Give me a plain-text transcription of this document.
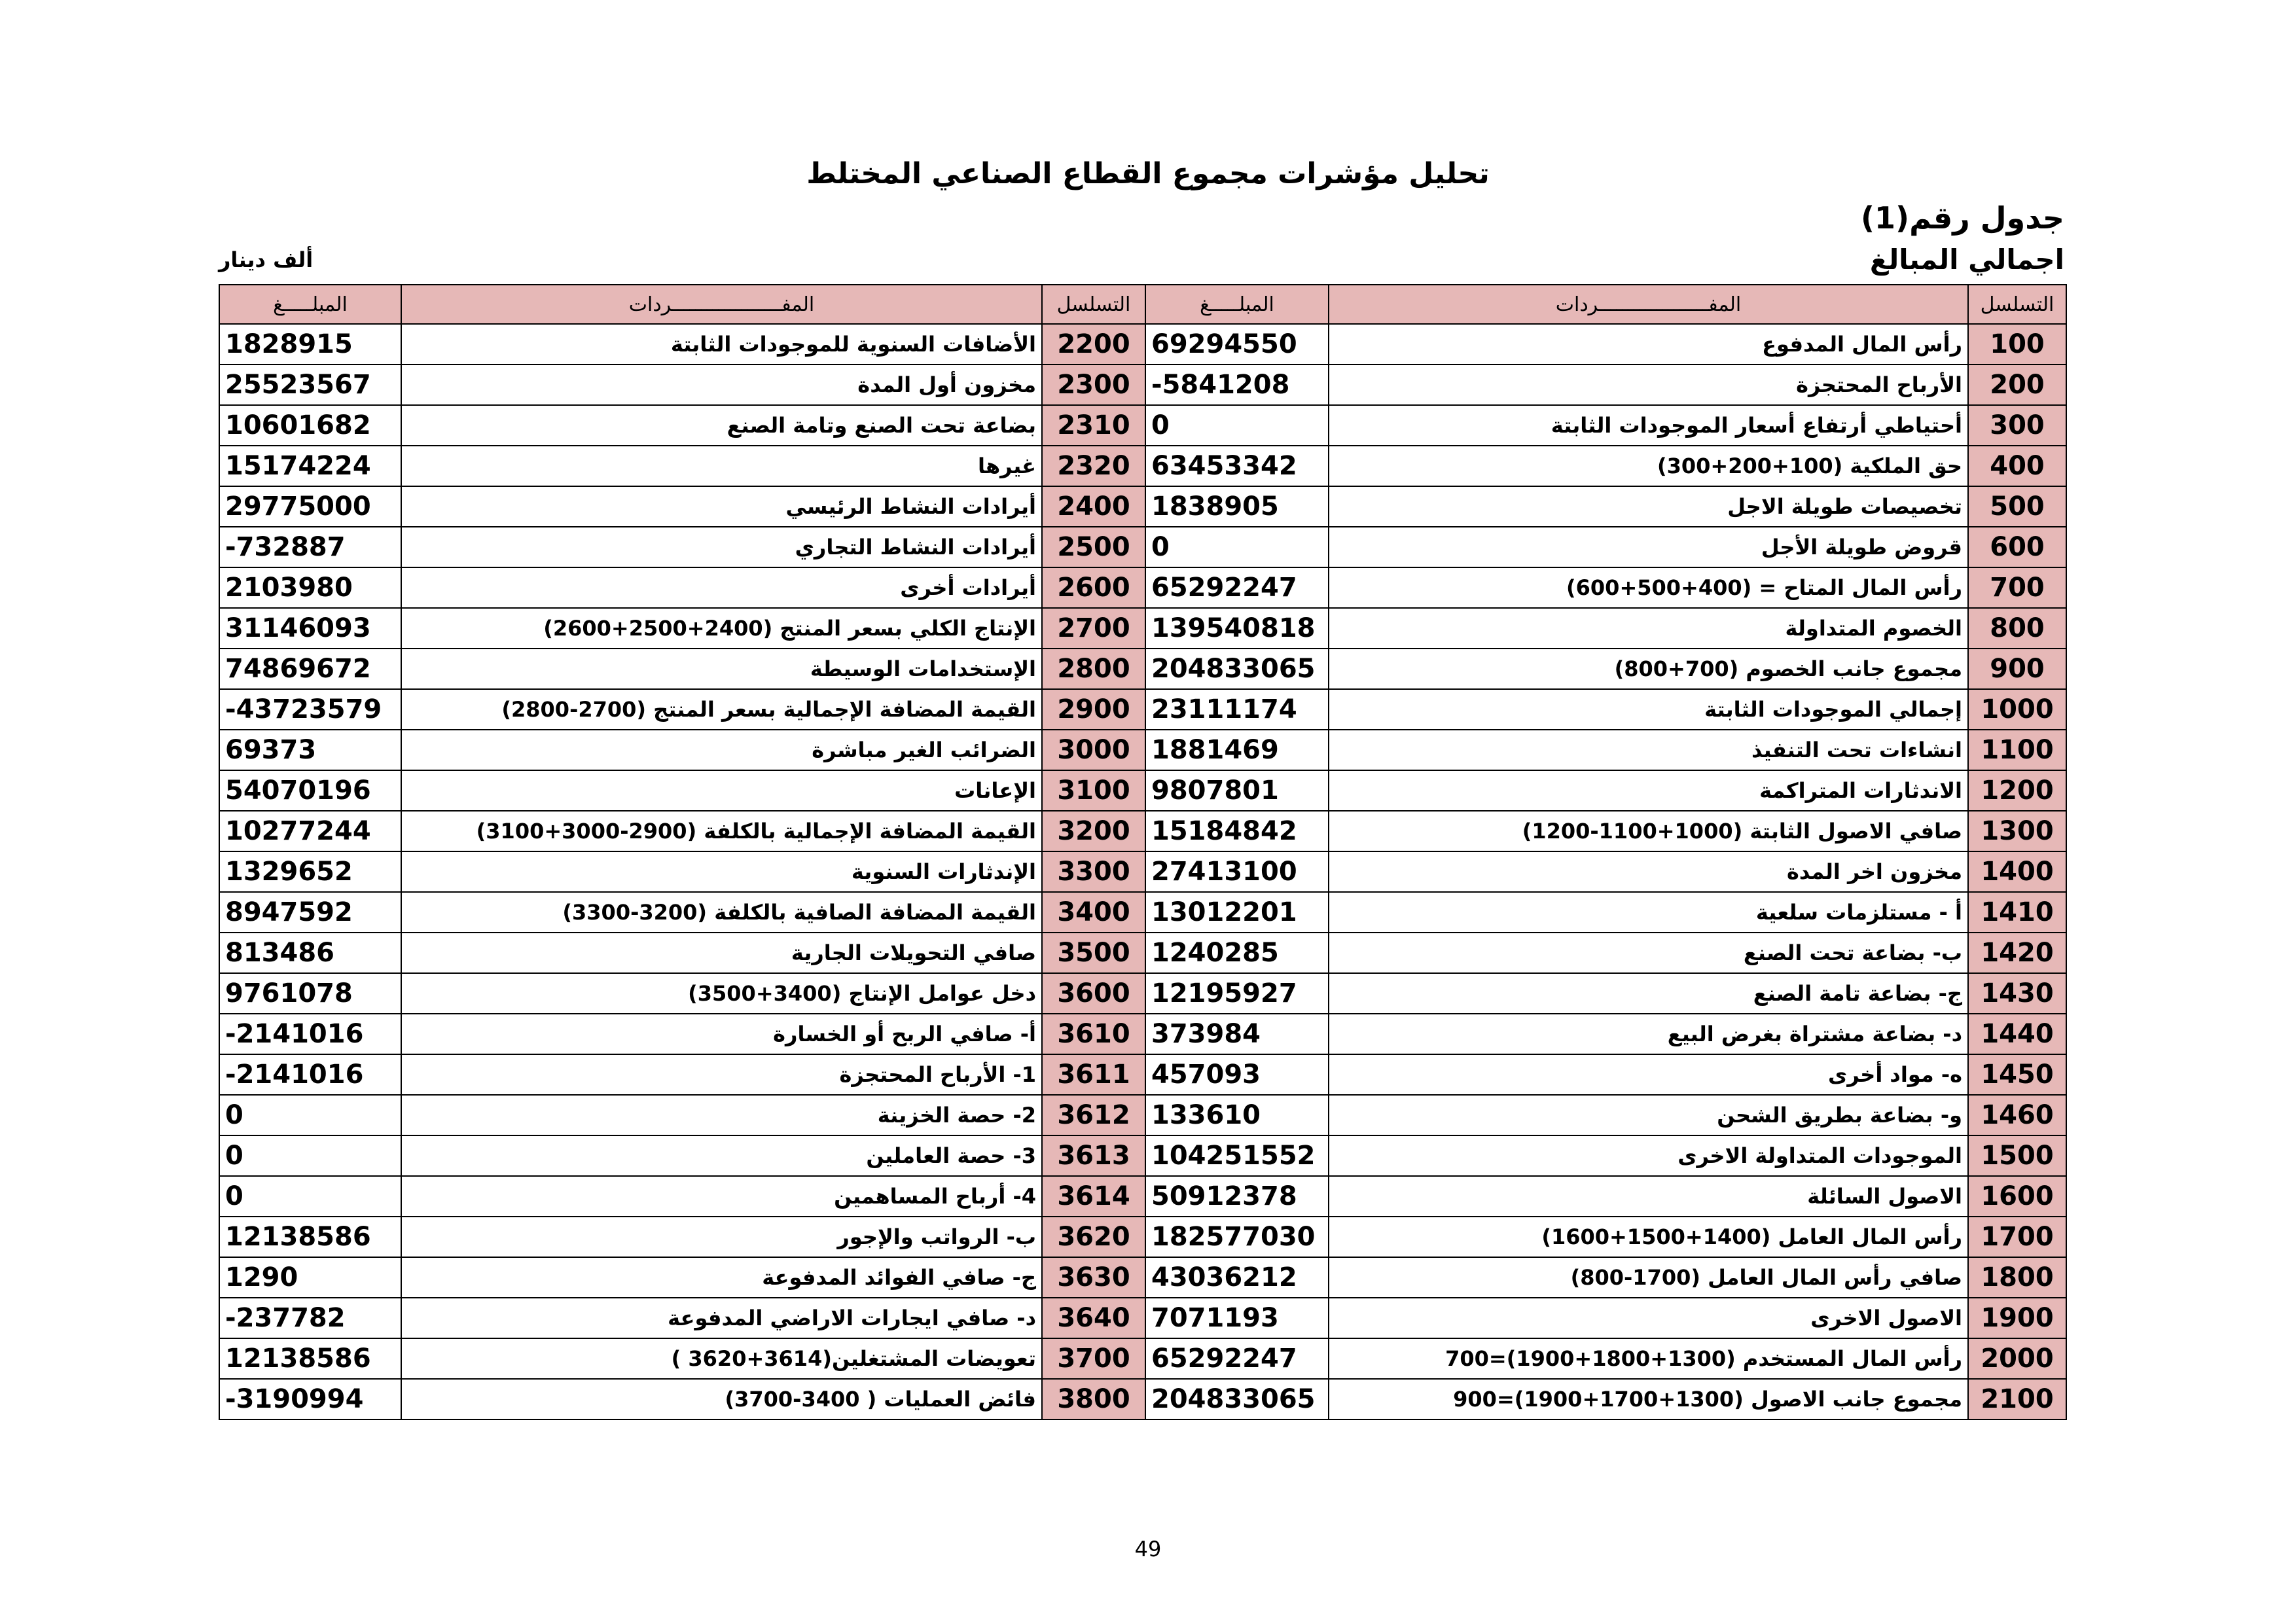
تحليل مؤشرات مجموع القطاع الصناعي المختلط
جدول رقم(1)
اجمالي المبالغ
ألف دينار
التسلسل	المفـــــــــــــــــــردات	المبلـــــغ	التسلسل	المفـــــــــــــــــــردات	المبلـــــغ
100	رأس المال المدفوع	69294550	2200	الأضافات السنوية للموجودات الثابتة	1828915
200	الأرباح المحتجزة	-5841208	2300	مخزون أول المدة	25523567
300	أحتياطي أرتفاع أسعار الموجودات الثابتة	0	2310	بضاعة تحت الصنع وتامة الصنع	10601682
400	حق الملكية (100+200+300)	63453342	2320	غيرها	15174224
500	تخصيصات طويلة الاجل	1838905	2400	أيرادات النشاط الرئيسي	29775000
600	قروض طويلة الأجل	0	2500	أيرادات النشاط التجاري	-732887
700	رأس المال المتاح = (400+500+600)	65292247	2600	أيرادات أخرى	2103980
800	الخصوم المتداولة	139540818	2700	الإنتاج الكلي بسعر المنتج (2400+2500+2600)	31146093
900	مجموع جانب الخصوم (700+800)	204833065	2800	الإستخدامات الوسيطة	74869672
1000	إجمالي الموجودات الثابتة	23111174	2900	القيمة المضافة الإجمالية بسعر المنتج (2700-2800)	-43723579
1100	انشاءات تحت التنفيذ	1881469	3000	الضرائب الغير مباشرة	69373
1200	الاندثارات المتراكمة	9807801	3100	الإعانات	54070196
1300	صافي الاصول الثابتة (1000+1100-1200)	15184842	3200	القيمة المضافة الإجمالية بالكلفة (2900-3000+3100)	10277244
1400	مخزون اخر المدة	27413100	3300	الإندثارات السنوية	1329652
1410	أ - مستلزمات سلعية	13012201	3400	القيمة المضافة الصافية بالكلفة (3200-3300)	8947592
1420	ب- بضاعة تحت الصنع	1240285	3500	صافي التحويلات الجارية	813486
1430	ج- بضاعة تامة الصنع	12195927	3600	دخل عوامل الإنتاج (3400+3500)	9761078
1440	د- بضاعة مشتراة بغرض البيع	373984	3610	أ- صافي الربح أو الخسارة	-2141016
1450	ه- مواد أخرى	457093	3611	1- الأرباح المحتجزة	-2141016
1460	و- بضاعة بطريق الشحن	133610	3612	2- حصة الخزينة	0
1500	الموجودات المتداولة الاخرى	104251552	3613	3- حصة العاملين	0
1600	الاصول السائلة	50912378	3614	4- أرباح المساهمين	0
1700	رأس المال العامل (1400+1500+1600)	182577030	3620	ب- الرواتب والإجور	12138586
1800	صافي رأس المال العامل (1700-800)	43036212	3630	ج- صافي الفوائد المدفوعة	1290
1900	الاصول الاخرى	7071193	3640	د- صافي ايجارات الاراضي المدفوعة	-237782
2000	رأس المال المستخدم (1300+1800+1900)=700	65292247	3700	تعويضات المشتغلين(3614+3620 )	12138586
2100	مجموع جانب الاصول (1300+1700+1900)=900	204833065	3800	فائض العمليات ( 3400-3700)	-3190994
49
